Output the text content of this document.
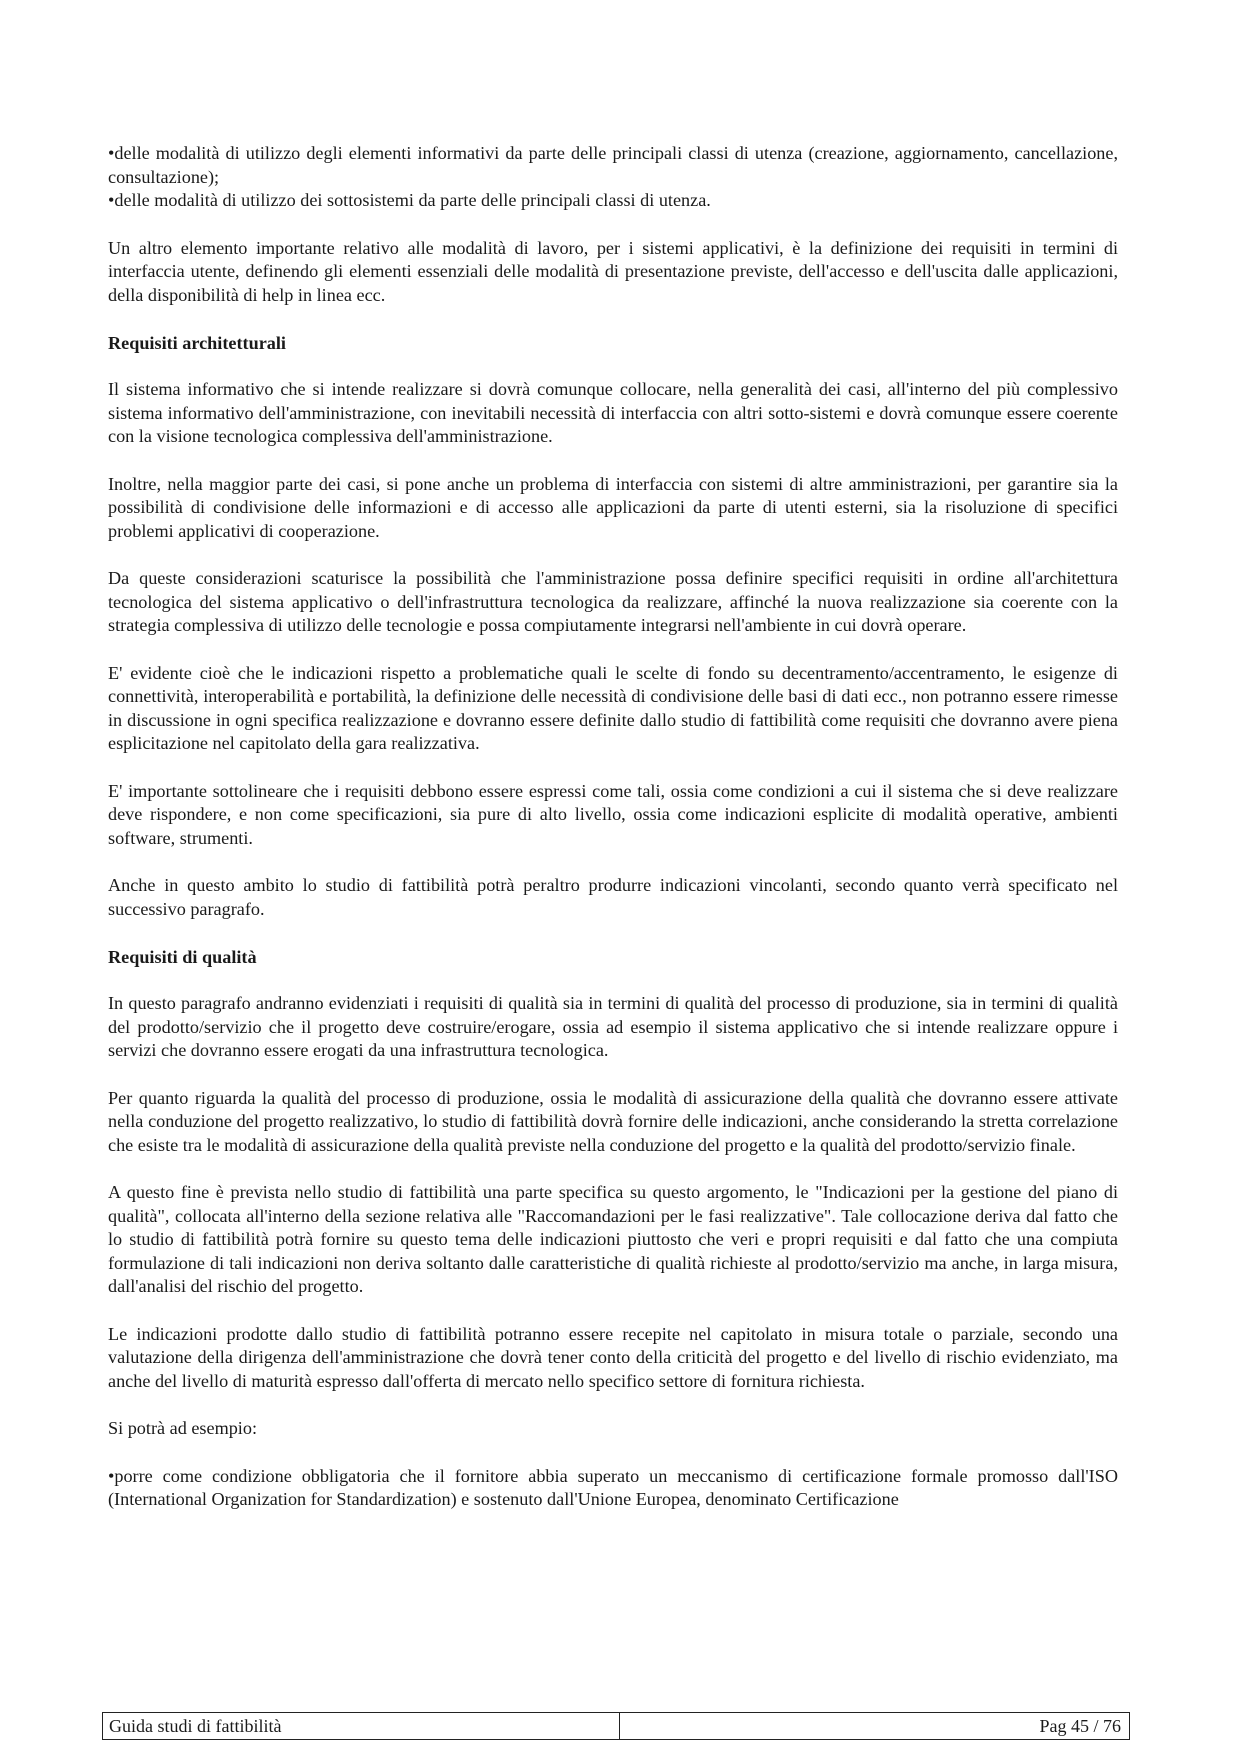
•delle modalità di utilizzo degli elementi informativi da parte delle principali classi di utenza (creazione, aggiornamento, cancellazione, consultazione);

•delle modalità di utilizzo dei sottosistemi da parte delle principali classi di utenza.

Un altro elemento importante relativo alle modalità di lavoro, per i sistemi applicativi, è la definizione dei requisiti in termini di interfaccia utente, definendo gli elementi essenziali delle modalità di presentazione previste, dell'accesso e dell'uscita dalle applicazioni, della disponibilità di help in linea ecc.

Requisiti architetturali

Il sistema informativo che si intende realizzare si dovrà comunque collocare, nella generalità dei casi, all'interno del più complessivo sistema informativo dell'amministrazione, con inevitabili necessità di interfaccia con altri sotto-sistemi e dovrà comunque essere coerente con la visione tecnologica complessiva dell'amministrazione.

Inoltre, nella maggior parte dei casi, si pone anche un problema di interfaccia con sistemi di altre amministrazioni, per garantire sia la possibilità di condivisione delle informazioni e di accesso alle applicazioni da parte di utenti esterni, sia la risoluzione di specifici problemi applicativi di cooperazione.

Da queste considerazioni scaturisce la possibilità che l'amministrazione possa definire specifici requisiti in ordine all'architettura tecnologica del sistema applicativo o dell'infrastruttura tecnologica da realizzare, affinché la nuova realizzazione sia coerente con la strategia complessiva di utilizzo delle tecnologie e possa compiutamente integrarsi nell'ambiente in cui dovrà operare.

E' evidente cioè che le indicazioni rispetto a problematiche quali le scelte di fondo su decentramento/accentramento, le esigenze di connettività, interoperabilità e portabilità, la definizione delle necessità di condivisione delle basi di dati ecc., non potranno essere rimesse in discussione in ogni specifica realizzazione e dovranno essere definite dallo studio di fattibilità come requisiti che dovranno avere piena esplicitazione nel capitolato della gara realizzativa.

E' importante sottolineare che i requisiti debbono essere espressi come tali, ossia come condizioni a cui il sistema che si deve realizzare deve rispondere, e non come specificazioni, sia pure di alto livello, ossia come indicazioni esplicite di modalità operative, ambienti software, strumenti.

Anche in questo ambito lo studio di fattibilità potrà peraltro produrre indicazioni vincolanti, secondo quanto verrà specificato nel successivo paragrafo.

Requisiti di qualità

In questo paragrafo andranno evidenziati i requisiti di qualità sia in termini di qualità del processo di produzione, sia in termini di qualità del prodotto/servizio che il progetto deve costruire/erogare, ossia ad esempio il sistema applicativo che si intende realizzare oppure i servizi che dovranno essere erogati da una infrastruttura tecnologica.

Per quanto riguarda la qualità del processo di produzione, ossia le modalità di assicurazione della qualità che dovranno essere attivate nella conduzione del progetto realizzativo, lo studio di fattibilità dovrà fornire delle indicazioni, anche considerando la stretta correlazione che esiste tra le modalità di assicurazione della qualità previste nella conduzione del progetto e la qualità del prodotto/servizio finale.

A questo fine è prevista nello studio di fattibilità una parte specifica su questo argomento, le "Indicazioni per la gestione del piano di qualità", collocata all'interno della sezione relativa alle "Raccomandazioni per le fasi realizzative". Tale collocazione deriva dal fatto che lo studio di fattibilità potrà fornire su questo tema delle indicazioni piuttosto che veri e propri requisiti e dal fatto che una compiuta formulazione di tali indicazioni non deriva soltanto dalle caratteristiche di qualità richieste al prodotto/servizio ma anche, in larga misura, dall'analisi del rischio del progetto.

Le indicazioni prodotte dallo studio di fattibilità potranno essere recepite nel capitolato in misura totale o parziale, secondo una valutazione della dirigenza dell'amministrazione che dovrà tener conto della criticità del progetto e del livello di rischio evidenziato, ma anche del livello di maturità espresso dall'offerta di mercato nello specifico settore di fornitura richiesta.

Si potrà ad esempio:

•porre come condizione obbligatoria che il fornitore abbia superato un meccanismo di certificazione formale promosso dall'ISO (International Organization for Standardization) e sostenuto dall'Unione Europea, denominato Certificazione

Guida studi di fattibilità	Pag 45 / 76
